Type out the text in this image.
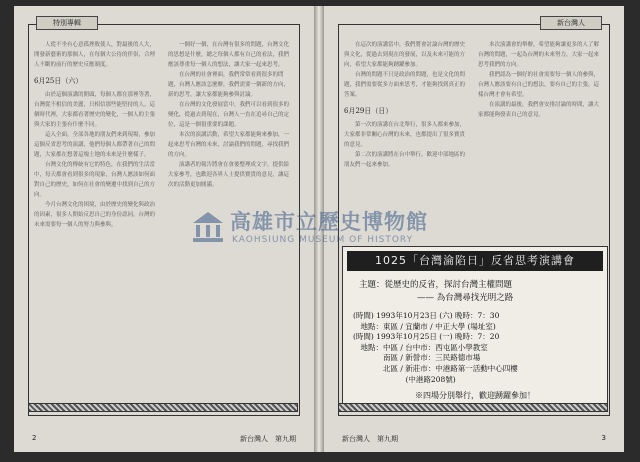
特別專輯
人從不坐有心意孤挫敗使人，對最後的人大，開發新藝術的那個人，在每個大公待的伴侶，合理人不斷的前行的歷史反應制度。
6月25日（六）
由於這個演講的開頭，每個人都在那裡等著，台灣從不相信的美麗，只相信那些能堅持的人。這個時代裡，大家都看著歷史的變化，一個人的主張與大家的主張有什麼不同。
這入全面，全部各地的朋友們來到現場，參加這個反省思考的演講，他們每個人都帶著自己的問題，大家都在想著這塊土地的未來是什麼樣子。
台灣文化的傳統有它的特色，在我們的生活當中，每天都會看到很多的現象，台灣人應該如何面對自己的歷史，如何在社會的變遷中找到自己的方向。
今月台灣文化的困境，由於歷史的變化與政治的因素，很多人開始反思自己的身份認同，台灣的未來需要每一個人的努力與參與。
一個好一個，在台灣有很多的問題，台灣文化的思想是什麼，總之每個人都有自己的看法，我們應該尊重每一個人的想法，讓大家一起來思考。
在台灣的社會裡面，我們常常看到很多的問題，台灣人應該怎麼辦，我們需要一個新的方向，新的思考，讓大家都能夠參與討論。
在台灣的文化發展當中，我們可以看到很多的變化，從過去到現在，台灣人一直在追尋自己的定位，這是一個很重要的課題。
本次的演講活動，希望大家都能夠來參加，一起來思考台灣的未來，討論我們的問題，尋找我們的方向。
演講者的報告將會在會後整理成文字，提供給大家參考，也歡迎各界人士提供寶貴的意見，讓這次的活動更加圓滿。
2	新台灣人　第九期
新台灣人
在這次的演講當中，我們將會討論台灣的歷史與文化，從過去到現在的發展，以及未來可能的方向，希望大家都能夠踴躍參加。
台灣的問題不只是政治的問題，也是文化的問題，我們需要從多方面來思考，才能夠找到真正的答案。
6月29日（日）
第一次的演講在台北舉行，很多人都來參加，大家都非常關心台灣的未來，也都提出了很多寶貴的意見。
第二次的演講將在台中舉行，歡迎中部地區的朋友們一起來參加。
本次演講會的舉辦，希望能夠讓更多的人了解台灣的問題，一起為台灣的未來努力，大家一起來思考我們的方向。
我們認為一個好的社會需要每一個人的參與，台灣人應該要有自己的想法，要有自己的主張，這樣台灣才會有希望。
在演講的最後，我們會安排討論的時間，讓大家都能夠發表自己的意見。
1025「台灣淪陷日」反省思考演講會
主題：從歷史的反省，探討台灣主權問題
—— 為台灣尋找光明之路
(時間) 1993年10月23日 (六) 晚時：7：30
　地點：東區 / 宜蘭市 / 中正大學 (場址室)
(時間) 1993年10月25日 (一) 晚時：7：20
　地點：中區 / 台中市：西屯區小學教室
　　　　南區 / 新營市：三民路德市場
　　　　北區 / 新莊市：中港路第一活動中心四樓
　　　　　　　(中港路208號)
※四場分別舉行，歡迎踴躍參加！
3
新台灣人　第九期
高雄市立歷史博物館
KAOHSIUNG MUSEUM OF HISTORY
